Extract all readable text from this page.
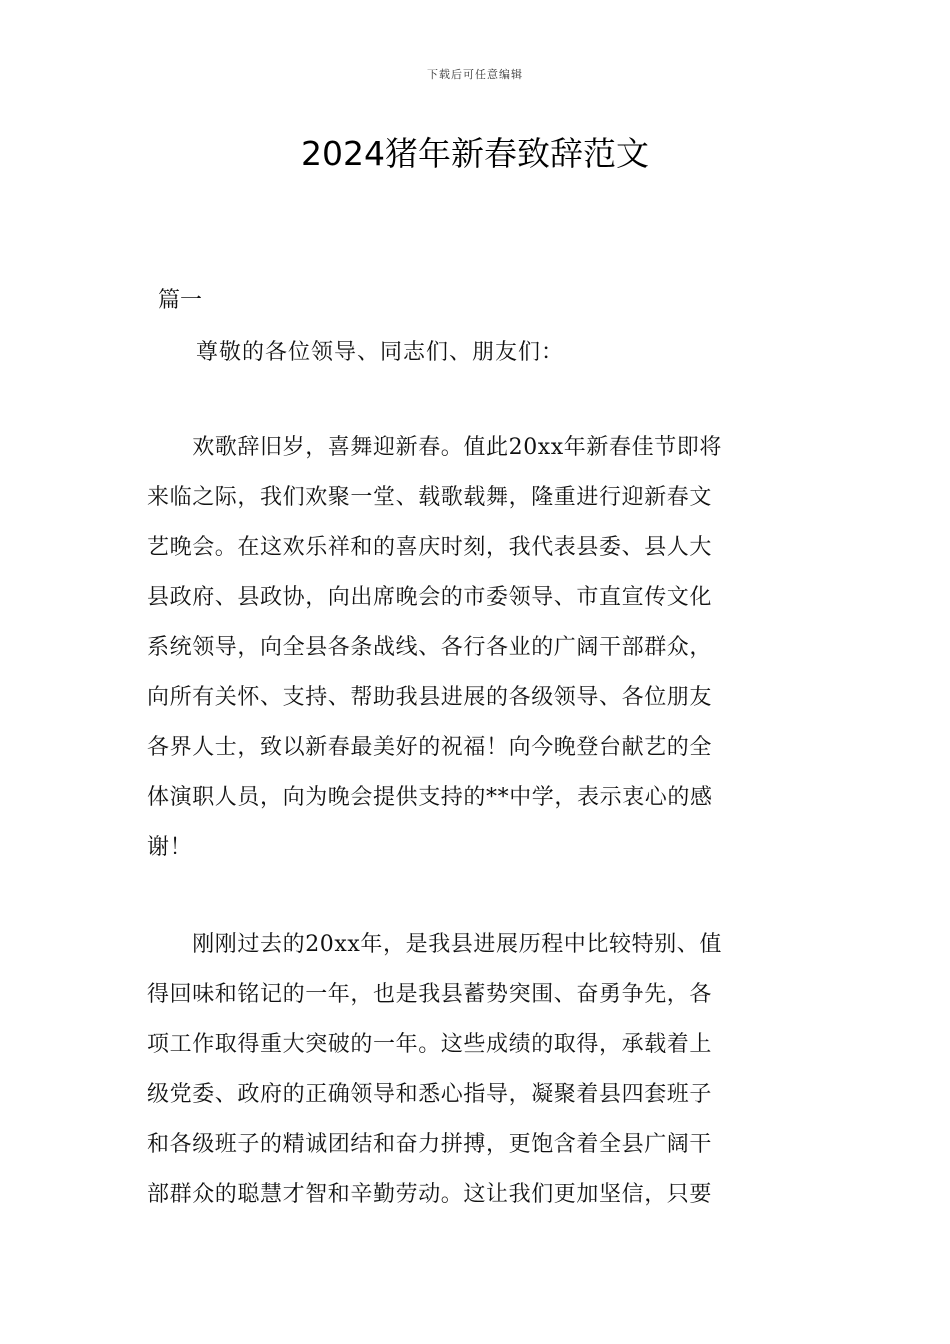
下载后可任意编辑
2024猪年新春致辞范文
篇一
尊敬的各位领导、同志们、朋友们：
　　欢歌辞旧岁，喜舞迎新春。值此20xx年新春佳节即将
来临之际，我们欢聚一堂、载歌载舞，隆重进行迎新春文
艺晚会。在这欢乐祥和的喜庆时刻，我代表县委、县人大
县政府、县政协，向出席晚会的市委领导、市直宣传文化
系统领导，向全县各条战线、各行各业的广阔干部群众，
向所有关怀、支持、帮助我县进展的各级领导、各位朋友
各界人士，致以新春最美好的祝福！向今晚登台献艺的全
体演职人员，向为晚会提供支持的**中学，表示衷心的感
谢！
　　刚刚过去的20xx年，是我县进展历程中比较特别、值
得回味和铭记的一年，也是我县蓄势突围、奋勇争先，各
项工作取得重大突破的一年。这些成绩的取得，承载着上
级党委、政府的正确领导和悉心指导，凝聚着县四套班子
和各级班子的精诚团结和奋力拼搏，更饱含着全县广阔干
部群众的聪慧才智和辛勤劳动。这让我们更加坚信，只要
